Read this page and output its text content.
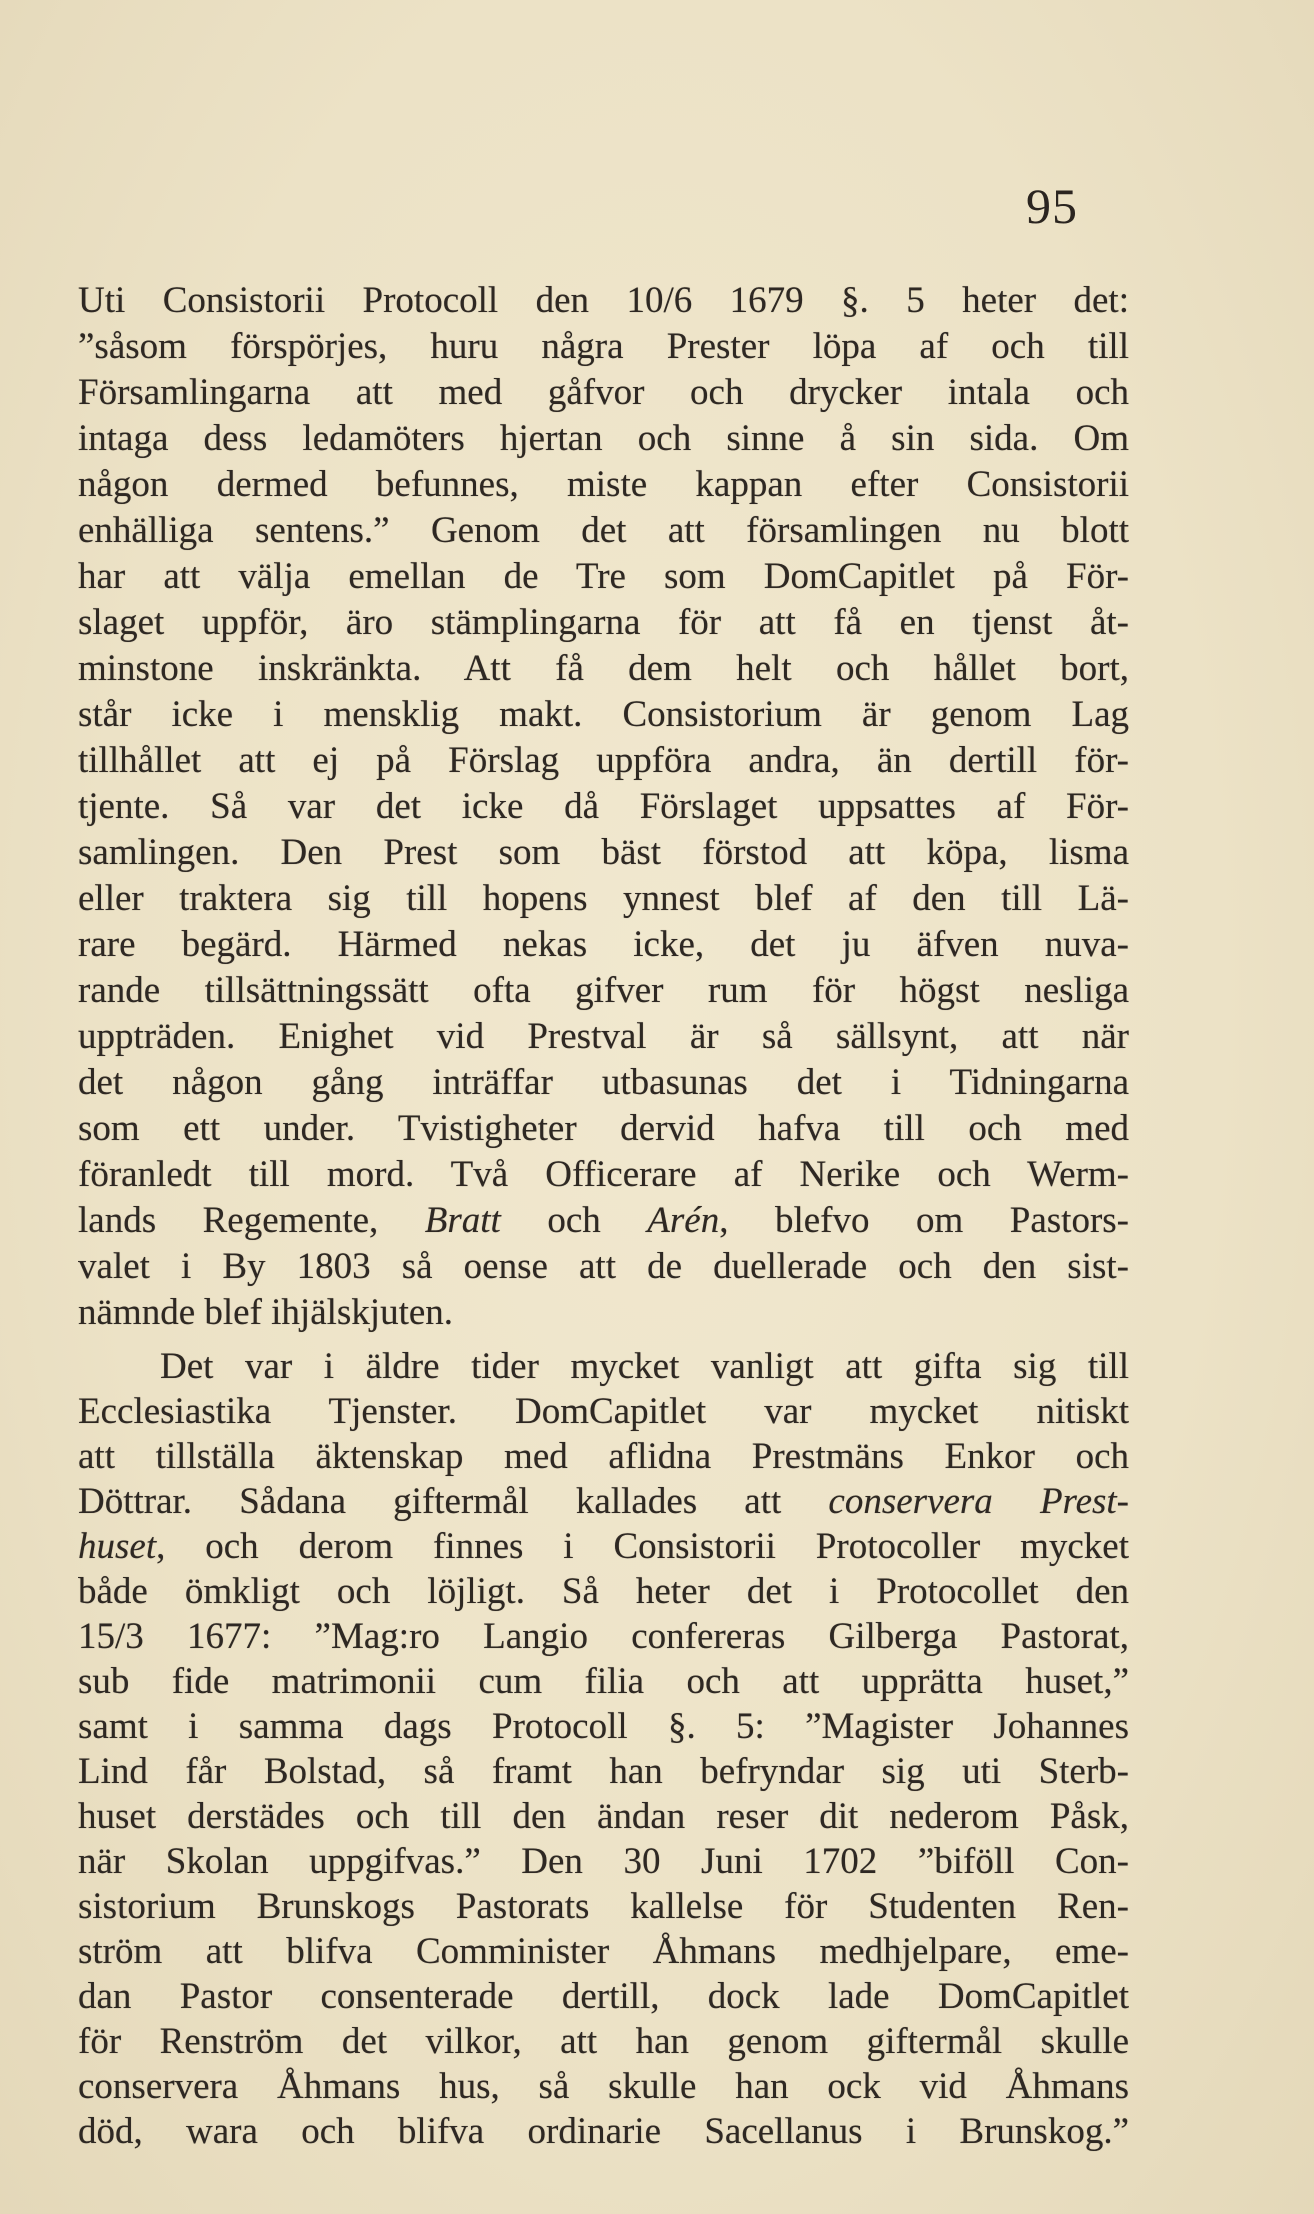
95
Uti Consistorii Protocoll den 10/6 1679 §. 5 heter det:
”såsom förspörjes, huru några Prester löpa af och till
Församlingarna att med gåfvor och drycker intala och
intaga dess ledamöters hjertan och sinne å sin sida. Om
någon dermed befunnes, miste kappan efter Consistorii
enhälliga sentens.” Genom det att församlingen nu blott
har att välja emellan de Tre som DomCapitlet på För-
slaget uppför, äro stämplingarna för att få en tjenst åt-
minstone inskränkta. Att få dem helt och hållet bort,
står icke i mensklig makt. Consistorium är genom Lag
tillhållet att ej på Förslag uppföra andra, än dertill för-
tjente. Så var det icke då Förslaget uppsattes af För-
samlingen. Den Prest som bäst förstod att köpa, lisma
eller traktera sig till hopens ynnest blef af den till Lä-
rare begärd. Härmed nekas icke, det ju äfven nuva-
rande tillsättningssätt ofta gifver rum för högst nesliga
uppträden. Enighet vid Prestval är så sällsynt, att när
det någon gång inträffar utbasunas det i Tidningarna
som ett under. Tvistigheter dervid hafva till och med
föranledt till mord. Två Officerare af Nerike och Werm-
lands Regemente, Bratt och Arén, blefvo om Pastors-
valet i By 1803 så oense att de duellerade och den sist-
nämnde blef ihjälskjuten.
Det var i äldre tider mycket vanligt att gifta sig till
Ecclesiastika Tjenster. DomCapitlet var mycket nitiskt
att tillställa äktenskap med aflidna Prestmäns Enkor och
Döttrar. Sådana giftermål kallades att conservera Prest-
huset, och derom finnes i Consistorii Protocoller mycket
både ömkligt och löjligt. Så heter det i Protocollet den
15/3 1677: ”Mag:ro Langio confereras Gilberga Pastorat,
sub fide matrimonii cum filia och att upprätta huset,”
samt i samma dags Protocoll §. 5: ”Magister Johannes
Lind får Bolstad, så framt han befryndar sig uti Sterb-
huset derstädes och till den ändan reser dit nederom Påsk,
när Skolan uppgifvas.” Den 30 Juni 1702 ”biföll Con-
sistorium Brunskogs Pastorats kallelse för Studenten Ren-
ström att blifva Comminister Åhmans medhjelpare, eme-
dan Pastor consenterade dertill, dock lade DomCapitlet
för Renström det vilkor, att han genom giftermål skulle
conservera Åhmans hus, så skulle han ock vid Åhmans
död, wara och blifva ordinarie Sacellanus i Brunskog.”
